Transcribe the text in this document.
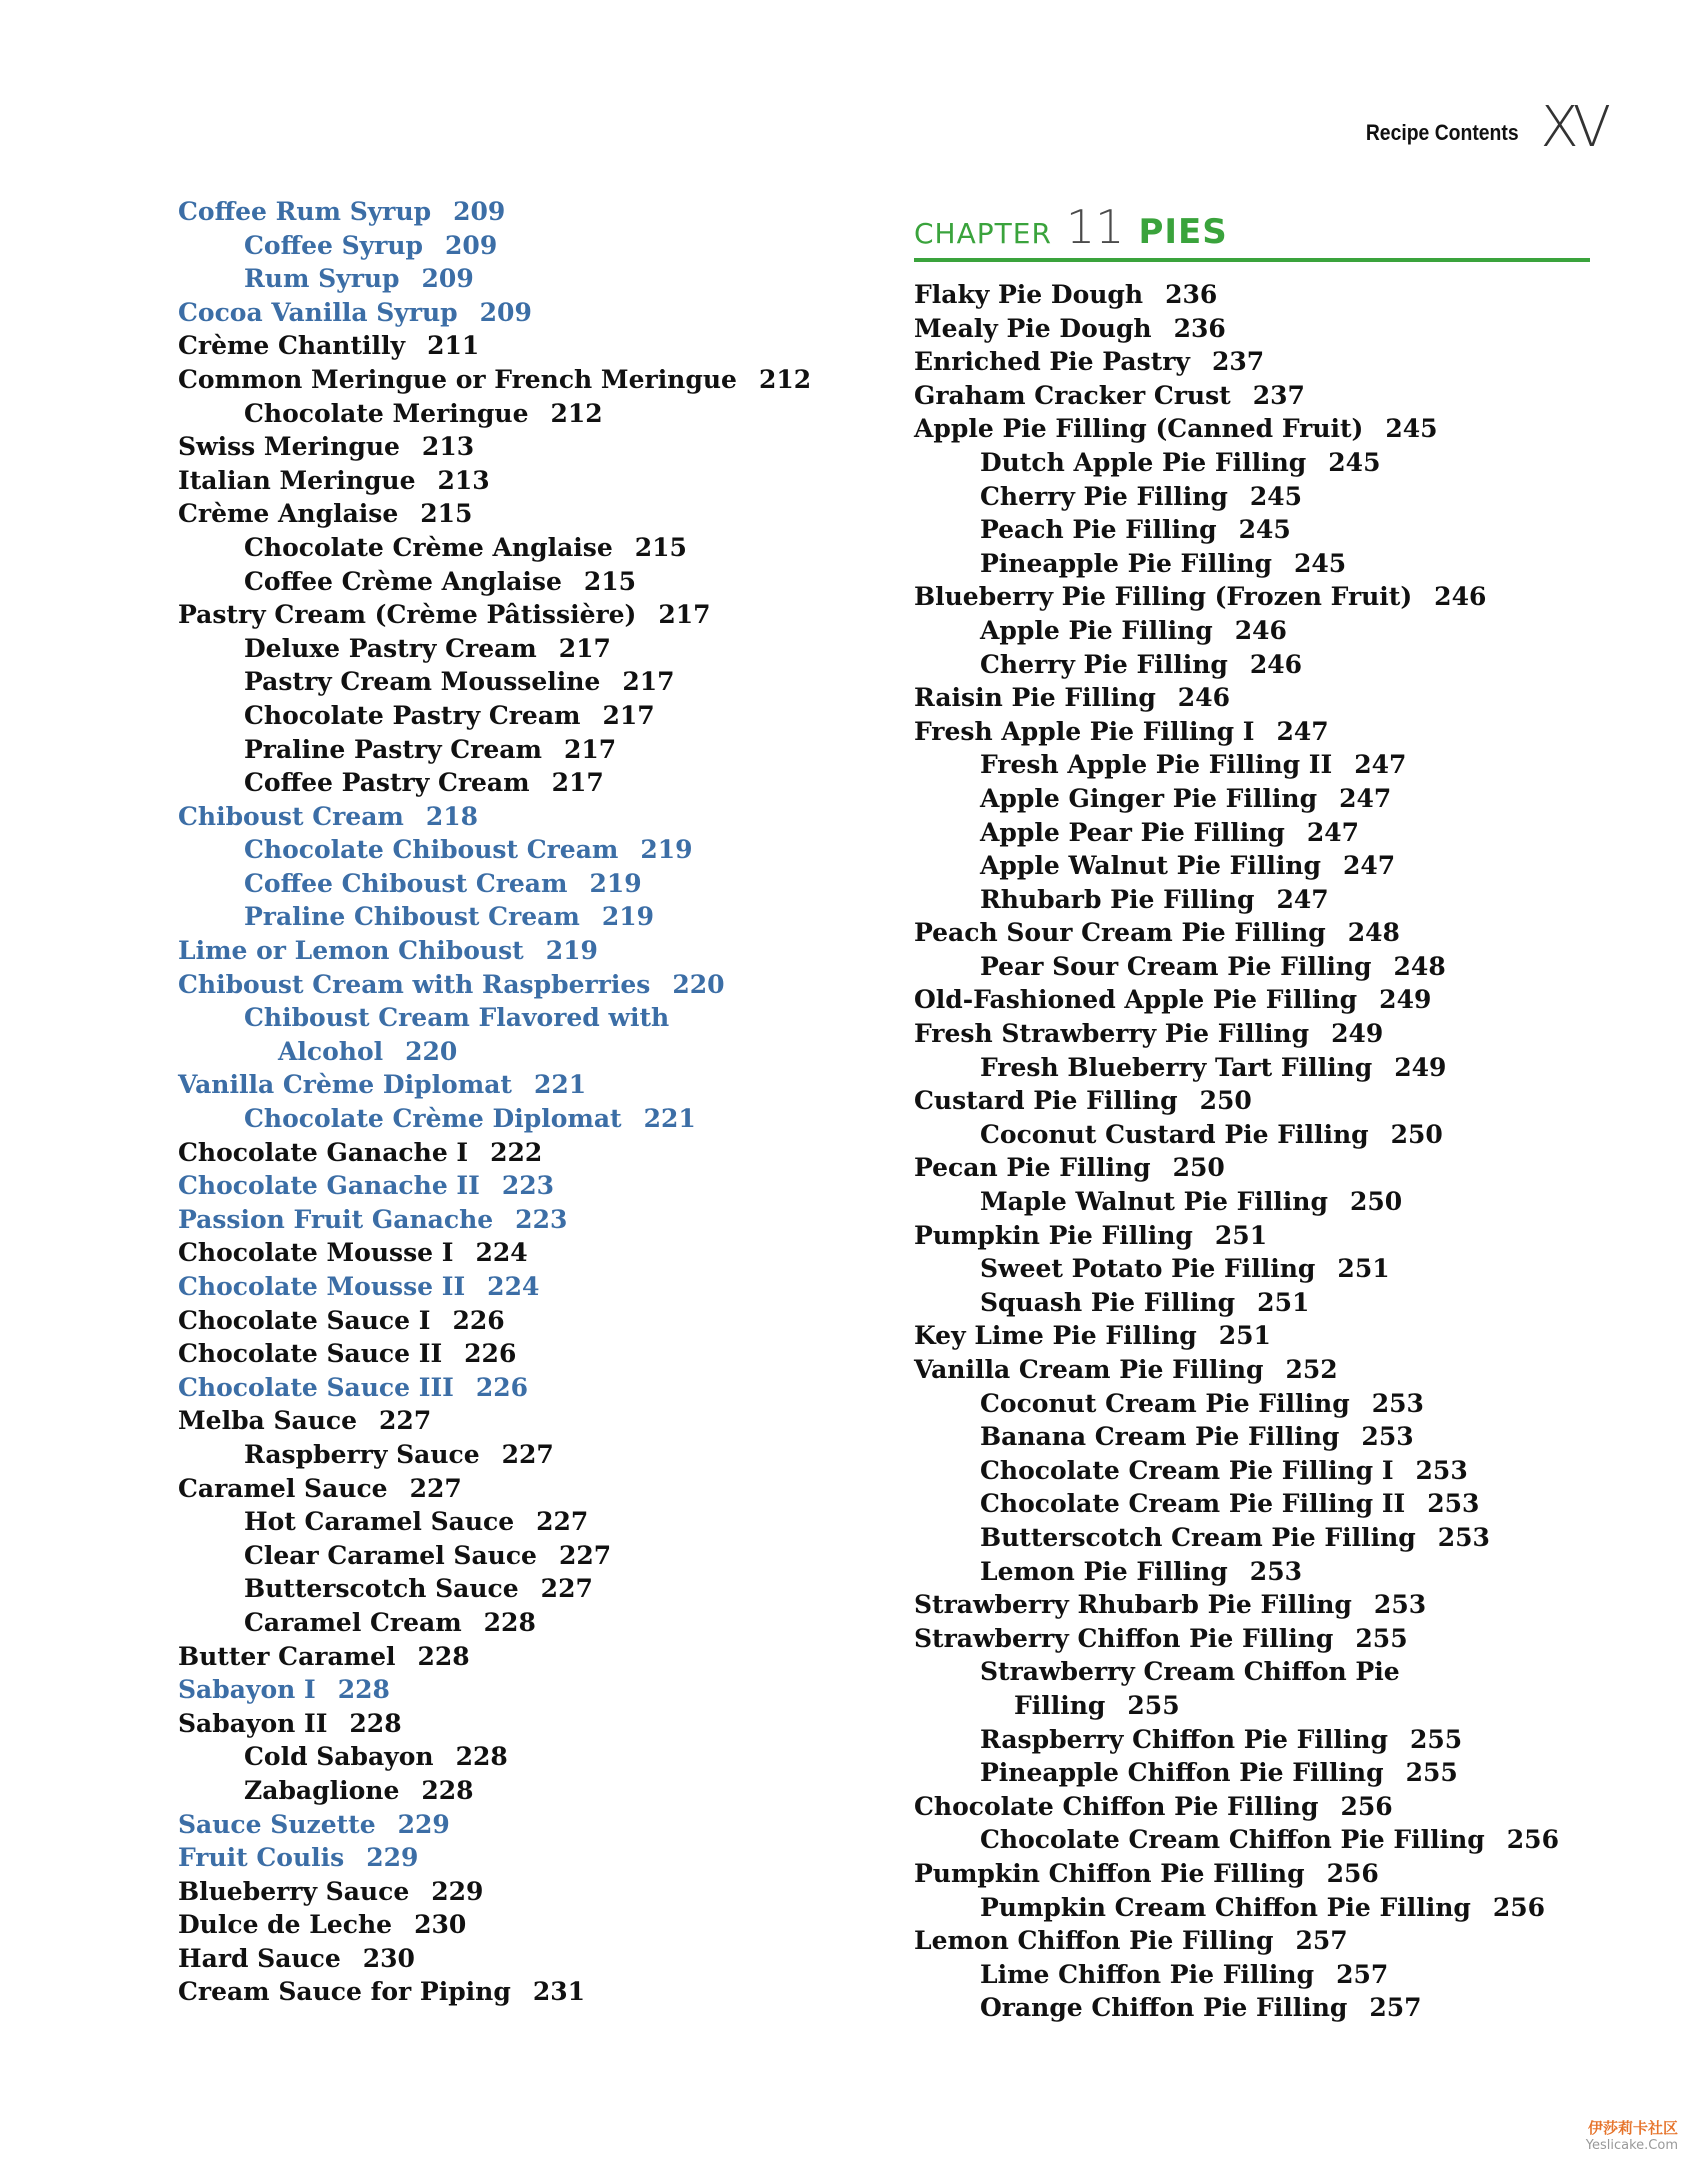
Recipe Contents XV
CHAPTER 11 PIES
Coffee Rum Syrup 209
Coffee Syrup 209
Rum Syrup 209
Cocoa Vanilla Syrup 209
Crème Chantilly 211
Common Meringue or French Meringue 212
Chocolate Meringue 212
Swiss Meringue 213
Italian Meringue 213
Crème Anglaise 215
Chocolate Crème Anglaise 215
Coffee Crème Anglaise 215
Pastry Cream (Crème Pâtissière) 217
Deluxe Pastry Cream 217
Pastry Cream Mousseline 217
Chocolate Pastry Cream 217
Praline Pastry Cream 217
Coffee Pastry Cream 217
Chiboust Cream 218
Chocolate Chiboust Cream 219
Coffee Chiboust Cream 219
Praline Chiboust Cream 219
Lime or Lemon Chiboust 219
Chiboust Cream with Raspberries 220
Chiboust Cream Flavored with
Alcohol 220
Vanilla Crème Diplomat 221
Chocolate Crème Diplomat 221
Chocolate Ganache I 222
Chocolate Ganache II 223
Passion Fruit Ganache 223
Chocolate Mousse I 224
Chocolate Mousse II 224
Chocolate Sauce I 226
Chocolate Sauce II 226
Chocolate Sauce III 226
Melba Sauce 227
Raspberry Sauce 227
Caramel Sauce 227
Hot Caramel Sauce 227
Clear Caramel Sauce 227
Butterscotch Sauce 227
Caramel Cream 228
Butter Caramel 228
Sabayon I 228
Sabayon II 228
Cold Sabayon 228
Zabaglione 228
Sauce Suzette 229
Fruit Coulis 229
Blueberry Sauce 229
Dulce de Leche 230
Hard Sauce 230
Cream Sauce for Piping 231
Flaky Pie Dough 236
Mealy Pie Dough 236
Enriched Pie Pastry 237
Graham Cracker Crust 237
Apple Pie Filling (Canned Fruit) 245
Dutch Apple Pie Filling 245
Cherry Pie Filling 245
Peach Pie Filling 245
Pineapple Pie Filling 245
Blueberry Pie Filling (Frozen Fruit) 246
Apple Pie Filling 246
Cherry Pie Filling 246
Raisin Pie Filling 246
Fresh Apple Pie Filling I 247
Fresh Apple Pie Filling II 247
Apple Ginger Pie Filling 247
Apple Pear Pie Filling 247
Apple Walnut Pie Filling 247
Rhubarb Pie Filling 247
Peach Sour Cream Pie Filling 248
Pear Sour Cream Pie Filling 248
Old-Fashioned Apple Pie Filling 249
Fresh Strawberry Pie Filling 249
Fresh Blueberry Tart Filling 249
Custard Pie Filling 250
Coconut Custard Pie Filling 250
Pecan Pie Filling 250
Maple Walnut Pie Filling 250
Pumpkin Pie Filling 251
Sweet Potato Pie Filling 251
Squash Pie Filling 251
Key Lime Pie Filling 251
Vanilla Cream Pie Filling 252
Coconut Cream Pie Filling 253
Banana Cream Pie Filling 253
Chocolate Cream Pie Filling I 253
Chocolate Cream Pie Filling II 253
Butterscotch Cream Pie Filling 253
Lemon Pie Filling 253
Strawberry Rhubarb Pie Filling 253
Strawberry Chiffon Pie Filling 255
Strawberry Cream Chiffon Pie
Filling 255
Raspberry Chiffon Pie Filling 255
Pineapple Chiffon Pie Filling 255
Chocolate Chiffon Pie Filling 256
Chocolate Cream Chiffon Pie Filling 256
Pumpkin Chiffon Pie Filling 256
Pumpkin Cream Chiffon Pie Filling 256
Lemon Chiffon Pie Filling 257
Lime Chiffon Pie Filling 257
Orange Chiffon Pie Filling 257
伊莎莉卡社区
Yeslicake.Com
